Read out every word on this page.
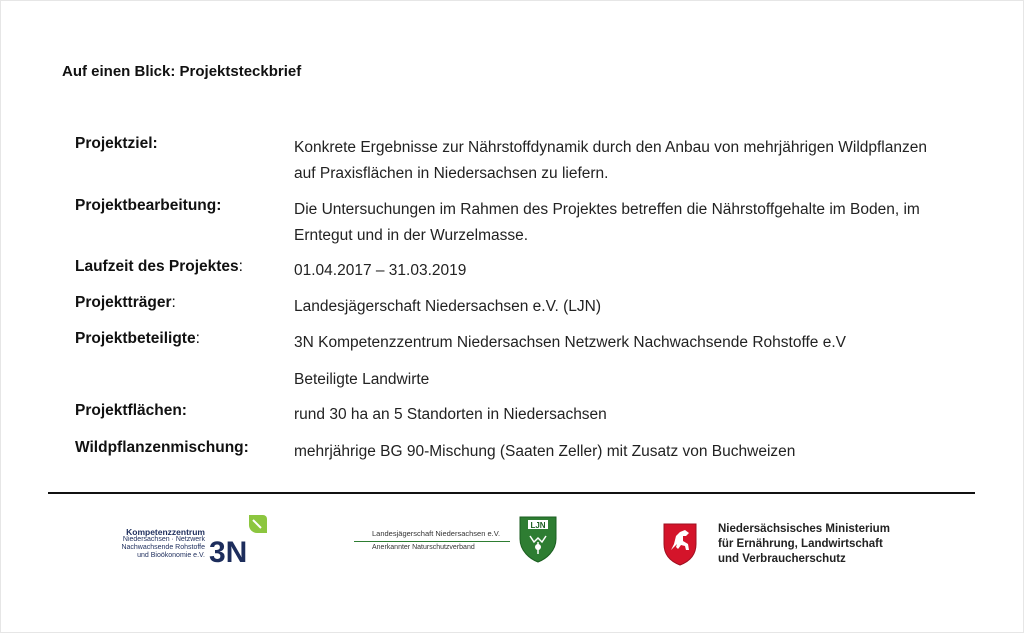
Auf einen Blick: Projektsteckbrief
Projektziel:	Konkrete Ergebnisse zur Nährstoffdynamik durch den Anbau von mehrjährigen Wildpflanzen auf Praxisflächen in Niedersachsen zu liefern.
Projektbearbeitung:	Die Untersuchungen im Rahmen des Projektes betreffen die Nährstoffgehalte im Boden, im Erntegut und in der Wurzelmasse.
Laufzeit des Projektes:	01.04.2017 – 31.03.2019
Projektträger:	Landesjägerschaft Niedersachsen e.V. (LJN)
Projektbeteiligte:	3N Kompetenzzentrum Niedersachsen Netzwerk Nachwachsende Rohstoffe e.V
Beteiligte Landwirte
Projektflächen:	rund 30 ha an 5 Standorten in Niedersachsen
Wildpflanzenmischung:	mehrjährige BG 90-Mischung (Saaten Zeller) mit Zusatz von Buchweizen
Kompetenzzentrum
Niedersachsen · Netzwerk
Nachwachsende Rohstoffe
und Bioökonomie e.V. 3N
Landesjägerschaft Niedersachsen e.V.
Anerkannter Naturschutzverband
LJN	Niedersächsisches Ministerium
für Ernährung, Landwirtschaft
und Verbraucherschutz
